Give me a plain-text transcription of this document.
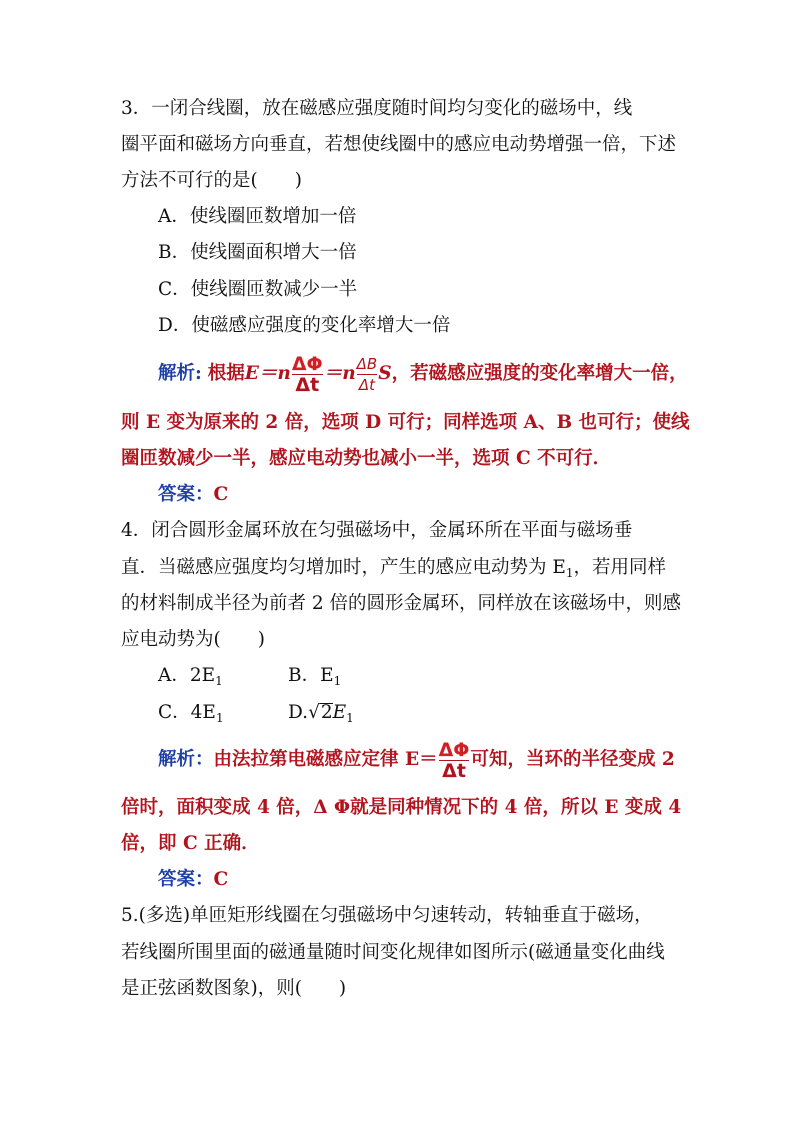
3．一闭合线圈，放在磁感应强度随时间均匀变化的磁场中，线
圈平面和磁场方向垂直，若想使线圈中的感应电动势增强一倍，下述
方法不可行的是(　　)
A．使线圈匝数增加一倍
B．使线圈面积增大一倍
C．使线圈匝数减少一半
D．使磁感应强度的变化率增大一倍
解析: 根据$E=n \frac{\Delta\Phi}{\Delta t} =n \frac{\Delta B}{\Delta t}$ S，若磁感应强度的变化率增大一倍，
则 E 变为原来的 2 倍，选项 D 可行；同样选项 A、B 也可行；使线
圈匝数减少一半，感应电动势也减小一半，选项 C 不可行．
答案：C
4．闭合圆形金属环放在匀强磁场中，金属环所在平面与磁场垂
直．当磁感应强度均匀增加时，产生的感应电动势为 $E_1$，若用同样
的材料制成半径为前者 2 倍的圆形金属环，同样放在该磁场中，则感
应电动势为(　　)
A．$2E_1$	B．$E_1$
C．$4E_1$	$D.√2E_1$
解析：由法拉第电磁感应定律 $E= \frac{\Delta\Phi}{\Delta t}$ 可知，当环的半径变成 2
倍时，面积变成 4 倍，Δ Φ就是同种情况下的 4 倍，所以 E 变成 4
倍，即 C 正确．
答案：C
5.(多选)单匝矩形线圈在匀强磁场中匀速转动，转轴垂直于磁场，
若线圈所围里面的磁通量随时间变化规律如图所示(磁通量变化曲线
是正弦函数图象)，则(　　)
